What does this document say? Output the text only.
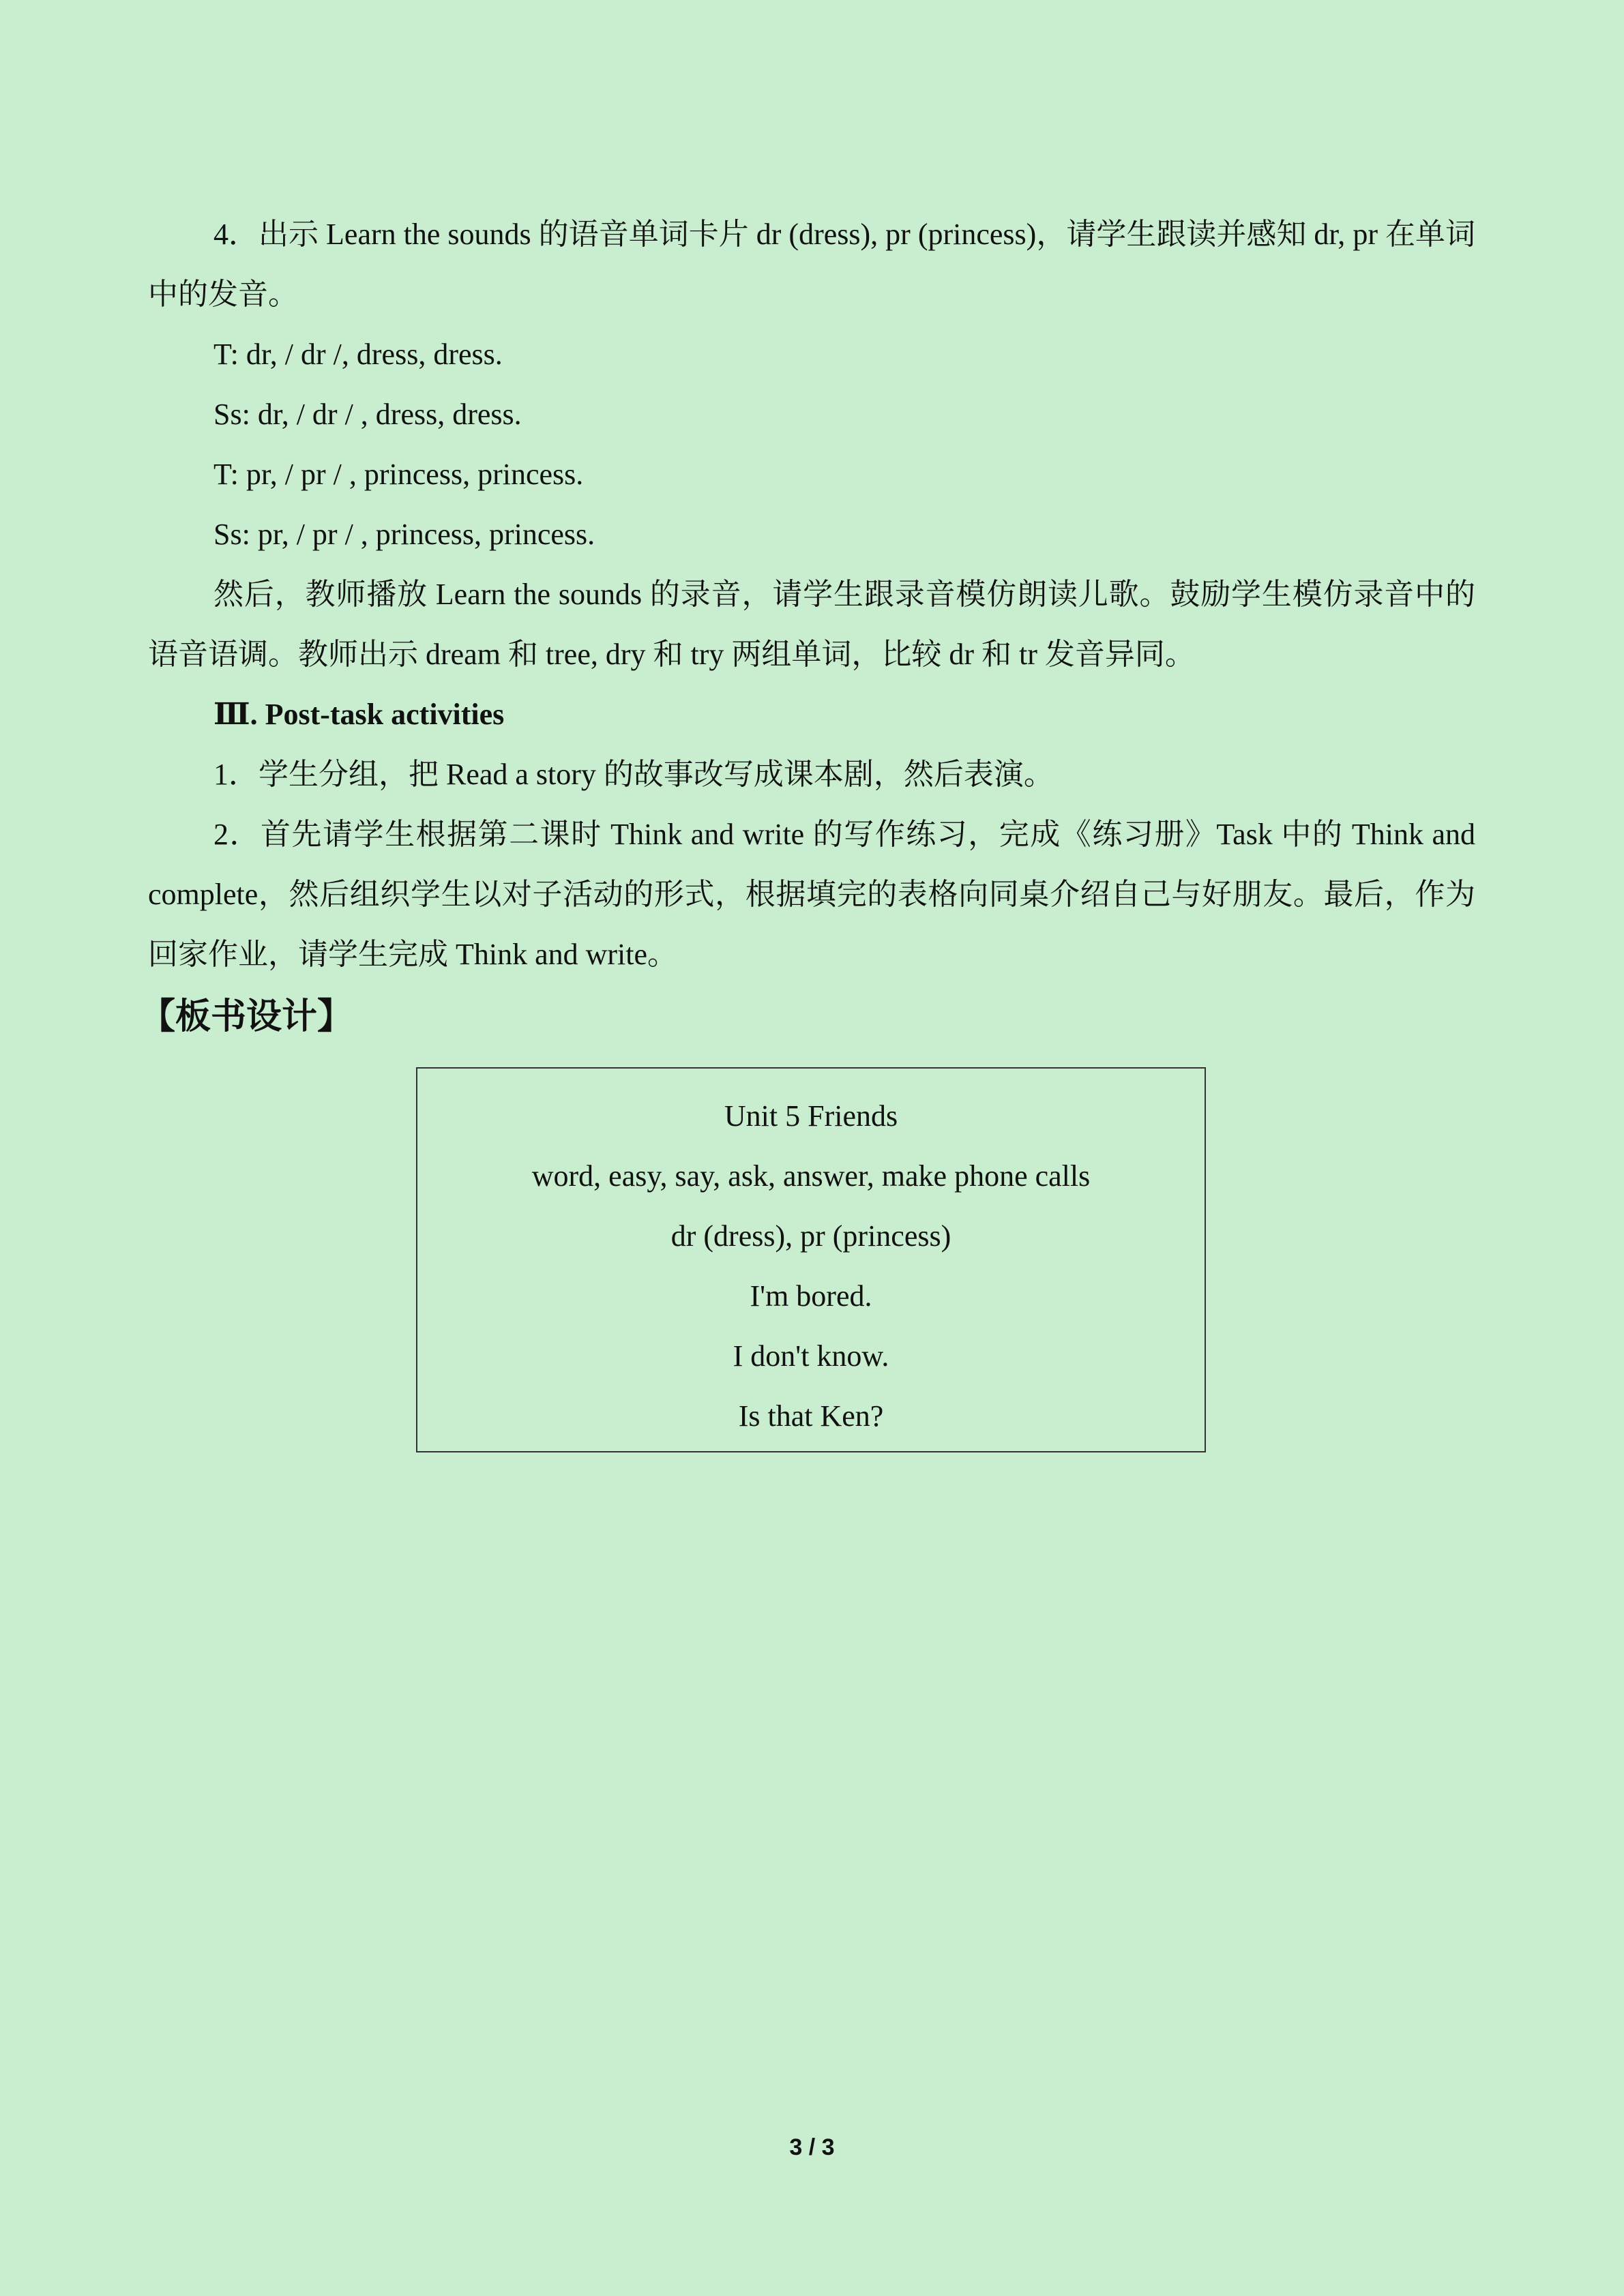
4．出示 Learn the sounds 的语音单词卡片 dr (dress), pr (princess)，请学生跟读并感知 dr, pr 在单词中的发音。

T: dr, / dr /, dress, dress.

Ss: dr, / dr / , dress, dress.

T: pr, / pr / , princess, princess.

Ss: pr, / pr / , princess, princess.

然后，教师播放 Learn the sounds 的录音，请学生跟录音模仿朗读儿歌。鼓励学生模仿录音中的语音语调。教师出示 dream 和 tree, dry 和 try 两组单词，比较 dr 和 tr 发音异同。

Ⅲ. Post-task activities

1．学生分组，把 Read a story 的故事改写成课本剧，然后表演。

2．首先请学生根据第二课时 Think and write 的写作练习，完成《练习册》Task 中的 Think and complete，然后组织学生以对子活动的形式，根据填完的表格向同桌介绍自己与好朋友。最后，作为回家作业，请学生完成 Think and write。

【板书设计】

Unit 5 Friends

word, easy, say, ask, answer, make phone calls

dr (dress), pr (princess)

I'm bored.

I don't know.

Is that Ken?

3 / 3
